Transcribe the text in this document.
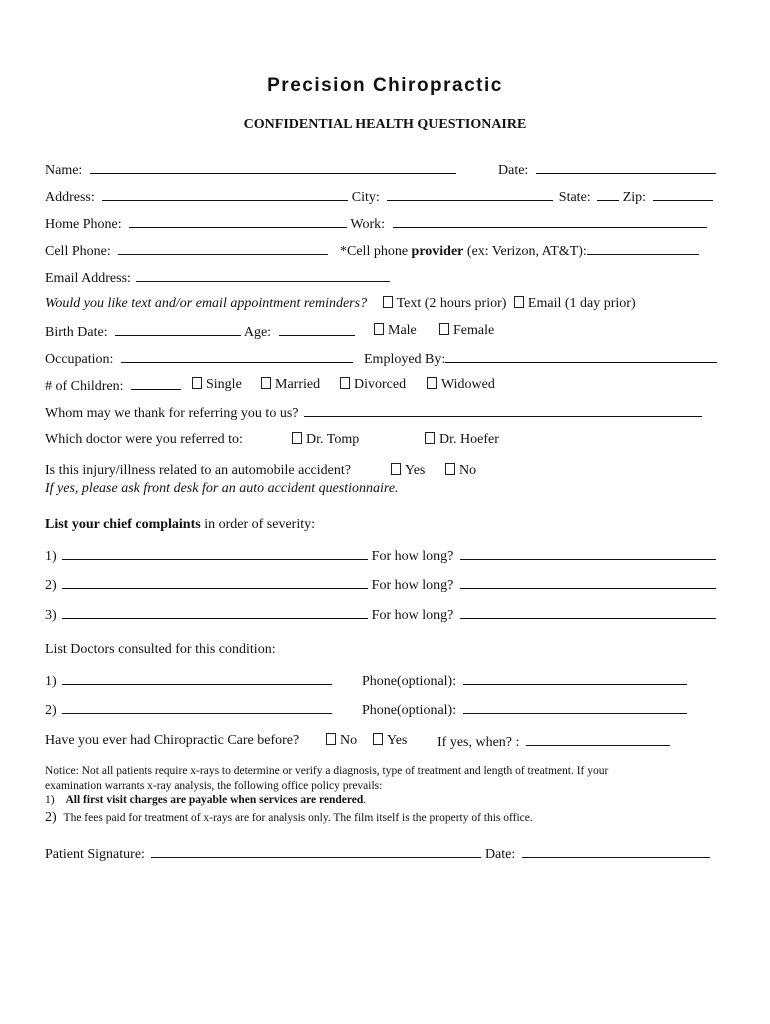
Precision Chiropractic
CONFIDENTIAL HEALTH QUESTIONAIRE
Name:	Date:
Address:	City:	State: Zip:
Home Phone:	Work:
Cell Phone:	*Cell phone provider (ex: Verizon, AT&T):
Email Address:
Would you like text and/or email appointment reminders? Text (2 hours prior) Email (1 day prior)
Birth Date:	Age:	Male	Female
Occupation:	Employed By:
# of Children:	Single	Married	Divorced	Widowed
Whom may we thank for referring you to us?
Which doctor were you referred to:	Dr. Tomp	Dr. Hoefer
Is this injury/illness related to an automobile accident?	Yes	No
If yes, please ask front desk for an auto accident questionnaire.
List your chief complaints in order of severity:
1)	For how long?
2)	For how long?
3)	For how long?
List Doctors consulted for this condition:
1)	Phone(optional):
2)	Phone(optional):
Have you ever had Chiropractic Care before?	No	Yes If yes, when? :
Notice: Not all patients require x-rays to determine or verify a diagnosis, type of treatment and length of treatment. If your
examination warrants x-ray analysis, the following office policy prevails:
1) All first visit charges are payable when services are rendered.
2) The fees paid for treatment of x-rays are for analysis only. The film itself is the property of this office.
Patient Signature:	Date:
